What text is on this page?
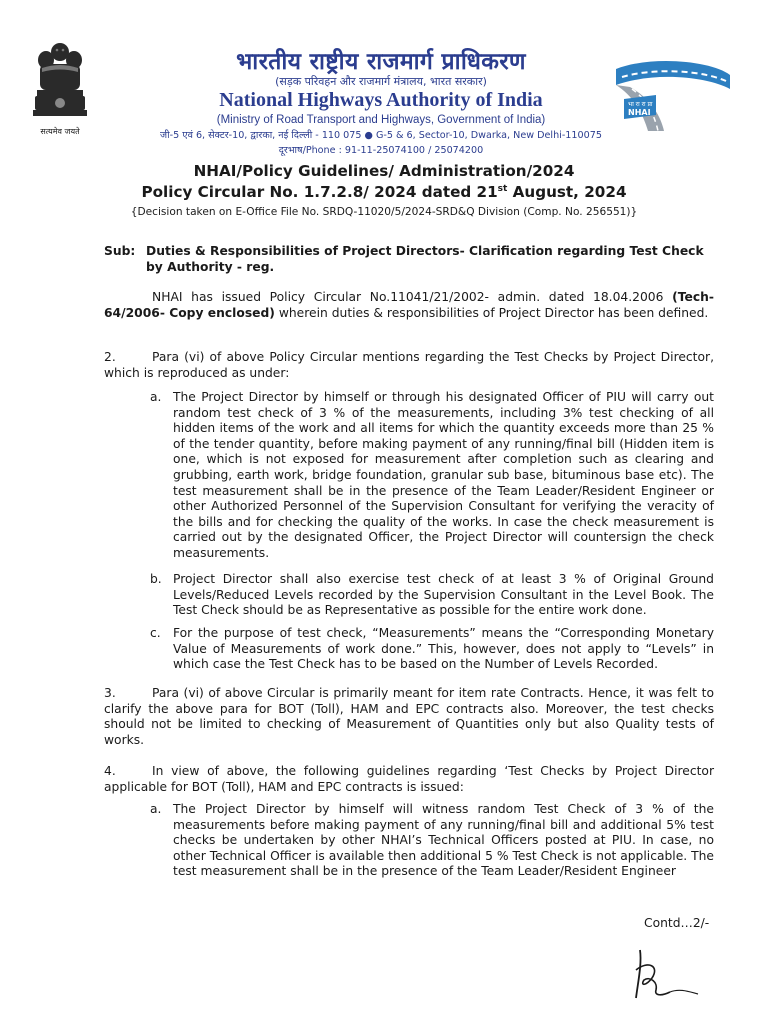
सत्यमेव जयते
भारतीय राष्ट्रीय राजमार्ग प्राधिकरण
(सड़क परिवहन और राजमार्ग मंत्रालय, भारत सरकार)
National Highways Authority of India
(Ministry of Road Transport and Highways, Government of India)
जी-5 एवं 6, सेक्टर-10, द्वारका, नई दिल्ली - 110 075 ● G-5 & 6, Sector-10, Dwarka, New Delhi-110075
दूरभाष/Phone : 91-11-25074100 / 25074200
भा रा रा प्रा
NHAI
NHAI/Policy Guidelines/ Administration/2024
Policy Circular No. 1.7.2.8/ 2024 dated 21st August, 2024
{Decision taken on E-Office File No. SRDQ-11020/5/2024-SRD&Q Division (Comp. No. 256551)}
Sub: Duties & Responsibilities of Project Directors- Clarification regarding Test Check by Authority - reg.
NHAI has issued Policy Circular No.11041/21/2002- admin. dated 18.04.2006 (Tech- 64/2006- Copy enclosed) wherein duties & responsibilities of Project Director has been defined.
2.	Para (vi) of above Policy Circular mentions regarding the Test Checks by Project Director, which is reproduced as under:
a. The Project Director by himself or through his designated Officer of PIU will carry out random test check of 3 % of the measurements, including 3% test checking of all hidden items of the work and all items for which the quantity exceeds more than 25 % of the tender quantity, before making payment of any running/final bill (Hidden item is one, which is not exposed for measurement after completion such as clearing and grubbing, earth work, bridge foundation, granular sub base, bituminous base etc). The test measurement shall be in the presence of the Team Leader/Resident Engineer or other Authorized Personnel of the Supervision Consultant for verifying the veracity of the bills and for checking the quality of the works. In case the check measurement is carried out by the designated Officer, the Project Director will countersign the check measurements.
b. Project Director shall also exercise test check of at least 3 % of Original Ground Levels/Reduced Levels recorded by the Supervision Consultant in the Level Book. The Test Check should be as Representative as possible for the entire work done.
c. For the purpose of test check, “Measurements” means the “Corresponding Monetary Value of Measurements of work done.” This, however, does not apply to “Levels” in which case the Test Check has to be based on the Number of Levels Recorded.
3.	Para (vi) of above Circular is primarily meant for item rate Contracts. Hence, it was felt to clarify the above para for BOT (Toll), HAM and EPC contracts also. Moreover, the test checks should not be limited to checking of Measurement of Quantities only but also Quality tests of works.
4.	In view of above, the following guidelines regarding ‘Test Checks by Project Director applicable for BOT (Toll), HAM and EPC contracts is issued:
a. The Project Director by himself will witness random Test Check of 3 % of the measurements before making payment of any running/final bill and additional 5% test checks be undertaken by other NHAI’s Technical Officers posted at PIU. In case, no other Technical Officer is available then additional 5 % Test Check is not applicable. The test measurement shall be in the presence of the Team Leader/Resident Engineer
Contd…2/-
